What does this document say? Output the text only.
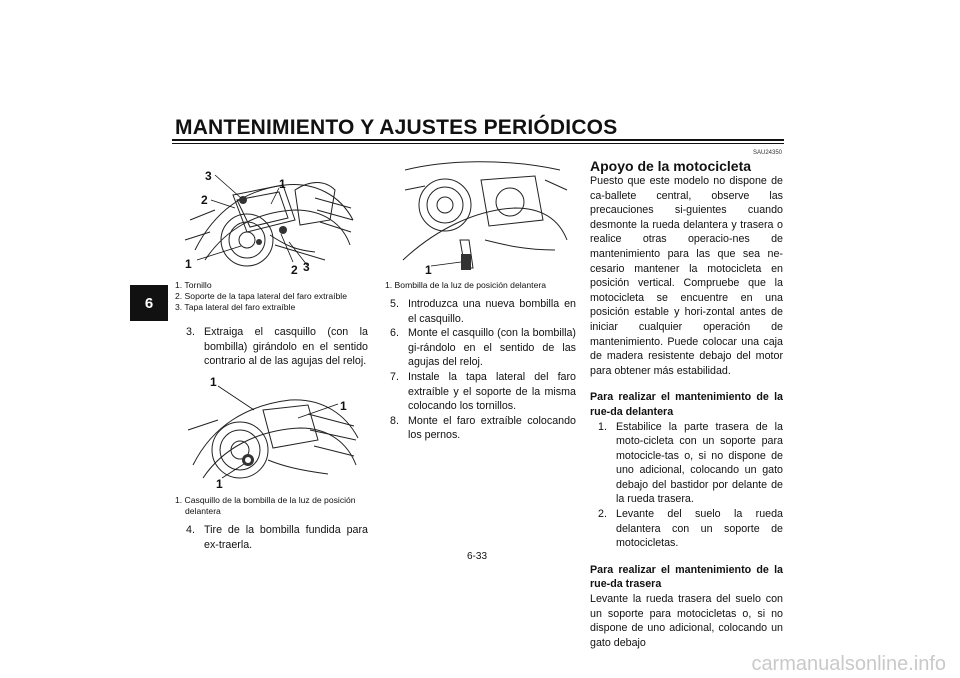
MANTENIMIENTO Y AJUSTES PERIÓDICOS
6
3
2
1
1	2 3
1. Tornillo
2. Soporte de la tapa lateral del faro extraíble
3. Tapa lateral del faro extraíble
3. Extraiga el casquillo (con la bombilla) girándolo en el sentido contrario al de las agujas del reloj.
1
1
1
1. Casquillo de la bombilla de la luz de posición
delantera
4. Tire de la bombilla fundida para ex-traerla.
1
1. Bombilla de la luz de posición delantera
5. Introduzca una nueva bombilla en el casquillo.
6. Monte el casquillo (con la bombilla) gi-rándolo en el sentido de las agujas del reloj.
7. Instale la tapa lateral del faro extraíble y el soporte de la misma colocando los tornillos.
8. Monte el faro extraíble colocando los pernos.
SAU24350
Apoyo de la motocicleta
Puesto que este modelo no dispone de ca-ballete central, observe las precauciones si-guientes cuando desmonte la rueda delantera y trasera o realice otras operacio-nes de mantenimiento para las que sea ne-cesario mantener la motocicleta en posición vertical. Compruebe que la motocicleta se encuentre en una posición estable y hori-zontal antes de iniciar cualquier operación de mantenimiento. Puede colocar una caja de madera resistente debajo del motor para obtener más estabilidad.
Para realizar el mantenimiento de la rue-da delantera
1. Estabilice la parte trasera de la moto-cicleta con un soporte para motocicle-tas o, si no dispone de uno adicional, colocando un gato debajo del bastidor por delante de la rueda trasera.
2. Levante del suelo la rueda delantera con un soporte de motocicletas.
Para realizar el mantenimiento de la rue-da trasera
Levante la rueda trasera del suelo con un soporte para motocicletas o, si no dispone de uno adicional, colocando un gato debajo
6-33
carmanualsonline.info
